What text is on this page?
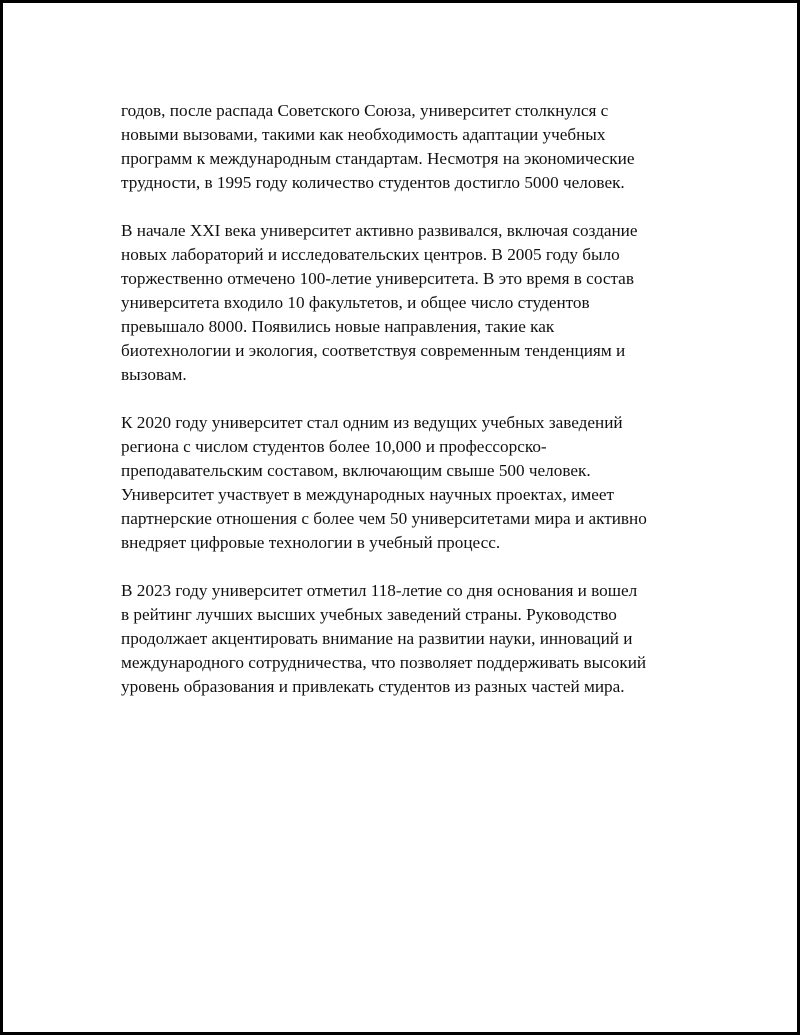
годов, после распада Советского Союза, университет столкнулся с
новыми вызовами, такими как необходимость адаптации учебных
программ к международным стандартам. Несмотря на экономические
трудности, в 1995 году количество студентов достигло 5000 человек.

В начале XXI века университет активно развивался, включая создание
новых лабораторий и исследовательских центров. В 2005 году было
торжественно отмечено 100-летие университета. В это время в состав
университета входило 10 факультетов, и общее число студентов
превышало 8000. Появились новые направления, такие как
биотехнологии и экология, соответствуя современным тенденциям и
вызовам.

К 2020 году университет стал одним из ведущих учебных заведений
региона с числом студентов более 10,000 и профессорско-
преподавательским составом, включающим свыше 500 человек.
Университет участвует в международных научных проектах, имеет
партнерские отношения с более чем 50 университетами мира и активно
внедряет цифровые технологии в учебный процесс.

В 2023 году университет отметил 118-летие со дня основания и вошел
в рейтинг лучших высших учебных заведений страны. Руководство
продолжает акцентировать внимание на развитии науки, инноваций и
международного сотрудничества, что позволяет поддерживать высокий
уровень образования и привлекать студентов из разных частей мира.
